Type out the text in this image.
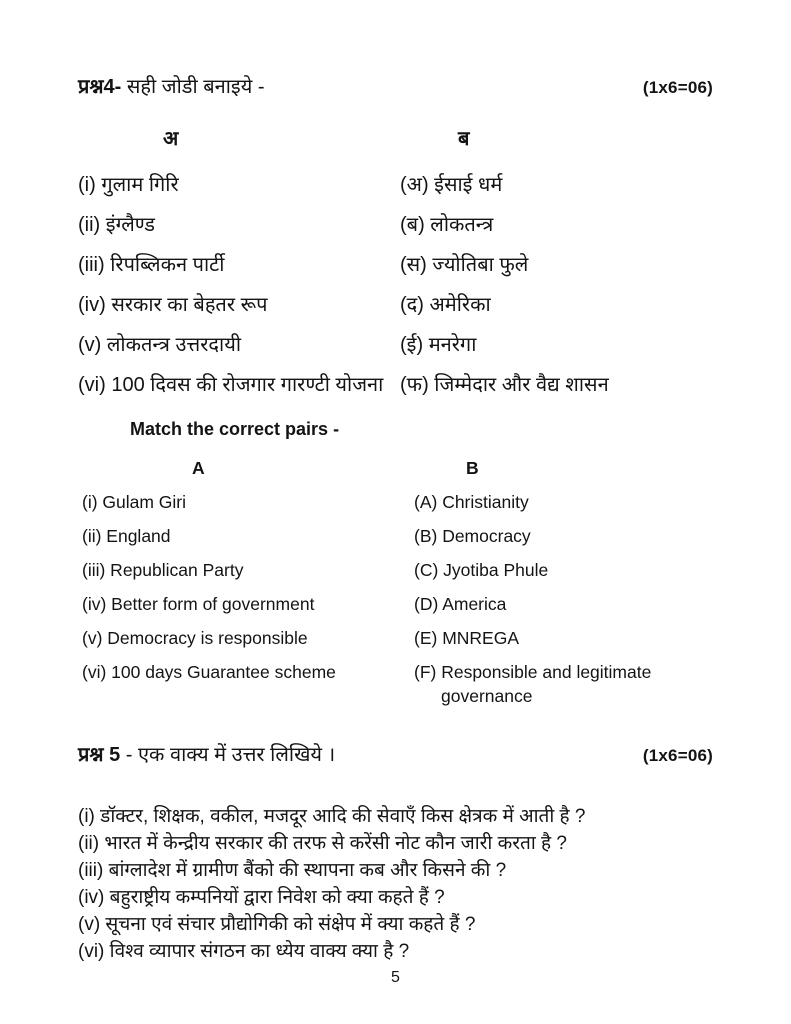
प्रश्न4- सही जोडी बनाइये -	(1x6=06)
अ	ब
(i) गुलाम गिरि	(अ) ईसाई धर्म
(ii) इंग्लैण्ड	(ब) लोकतन्त्र
(iii) रिपब्लिकन पार्टी	(स) ज्योतिबा फुले
(iv) सरकार का बेहतर रूप	(द) अमेरिका
(v) लोकतन्त्र उत्तरदायी	(ई) मनरेगा
(vi) 100 दिवस की रोजगार गारण्टी योजना (फ) जिम्मेदार और वैद्य शासन
Match the correct pairs -
A	B
(i) Gulam Giri	(A) Christianity
(ii) England	(B) Democracy
(iii) Republican Party	(C) Jyotiba Phule
(iv) Better form of government	(D) America
(v) Democracy is responsible	(E) MNREGA
(vi) 100 days Guarantee scheme	(F) Responsible and legitimate
governance
प्रश्न 5 - एक वाक्य में उत्तर लिखिये ।	(1x6=06)
(i) डॉक्टर, शिक्षक, वकील, मजदूर आदि की सेवाएँ किस क्षेत्रक में आती है ?
(ii) भारत में केन्द्रीय सरकार की तरफ से करेंसी नोट कौन जारी करता है ?
(iii) बांग्लादेश में ग्रामीण बैंको की स्थापना कब और किसने की ?
(iv) बहुराष्ट्रीय कम्पनियों द्वारा निवेश को क्या कहते हैं ?
(v) सूचना एवं संचार प्रौद्योगिकी को संक्षेप में क्या कहते हैं ?
(vi) विश्व व्यापार संगठन का ध्येय वाक्य क्या है ?
5
